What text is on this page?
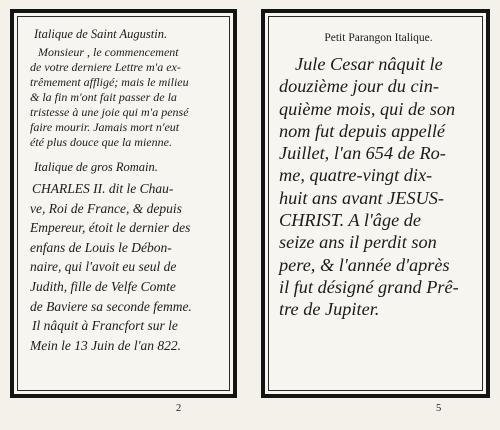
Italique de Saint Augustin.
Monsieur , le commencement
de votre derniere Lettre m'a ex-
trêmement affligé; mais le milieu
& la fin m'ont fait passer de la
tristesse à une joie qui m'a pensé
faire mourir. Jamais mort n'eut
été plus douce que la mienne.
Italique de gros Romain.
CHARLES II. dit le Chau-
ve, Roi de France, & depuis
Empereur, étoit le dernier des
enfans de Louis le Débon-
naire, qui l'avoit eu seul de
Judith, fille de Velfe Comte
de Baviere sa seconde femme.
Il nâquit à Francfort sur le
Mein le 13 Juin de l'an 822.
Petit Parangon Italique.
Jule Cesar nâquit le
douzième jour du cin-
quième mois, qui de son
nom fut depuis appellé
Juillet, l'an 654 de Ro-
me, quatre-vingt dix-
huit ans avant JESUS-
CHRIST. A l'âge de
seize ans il perdit son
pere, & l'année d'après
il fut désigné grand Prê-
tre de Jupiter.
2	5
